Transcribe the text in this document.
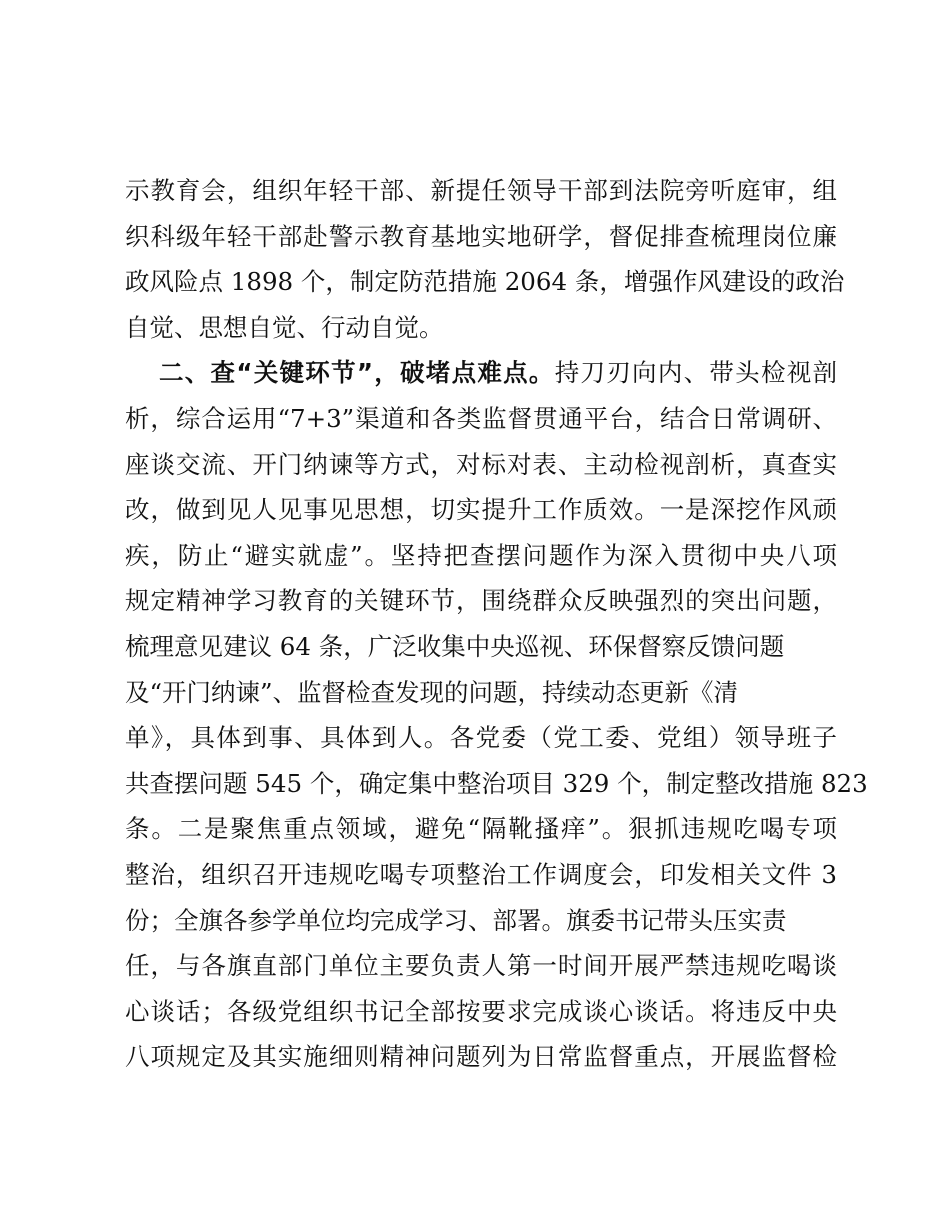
示教育会，组织年轻干部、新提任领导干部到法院旁听庭审，组
织科级年轻干部赴警示教育基地实地研学，督促排查梳理岗位廉
政风险点 1898 个，制定防范措施 2064 条，增强作风建设的政治
自觉、思想自觉、行动自觉。
二、查“关键环节”，破堵点难点。持刀刃向内、带头检视剖
析，综合运用“7+3”渠道和各类监督贯通平台，结合日常调研、
座谈交流、开门纳谏等方式，对标对表、主动检视剖析，真查实
改，做到见人见事见思想，切实提升工作质效。一是深挖作风顽
疾，防止“避实就虚”。坚持把查摆问题作为深入贯彻中央八项
规定精神学习教育的关键环节，围绕群众反映强烈的突出问题，
梳理意见建议 64 条，广泛收集中央巡视、环保督察反馈问题
及“开门纳谏”、监督检查发现的问题，持续动态更新《清
单》，具体到事、具体到人。各党委（党工委、党组）领导班子
共查摆问题 545 个，确定集中整治项目 329 个，制定整改措施 823
条。二是聚焦重点领域，避免“隔靴搔痒”。狠抓违规吃喝专项
整治，组织召开违规吃喝专项整治工作调度会，印发相关文件 3
份；全旗各参学单位均完成学习、部署。旗委书记带头压实责
任，与各旗直部门单位主要负责人第一时间开展严禁违规吃喝谈
心谈话；各级党组织书记全部按要求完成谈心谈话。将违反中央
八项规定及其实施细则精神问题列为日常监督重点，开展监督检
